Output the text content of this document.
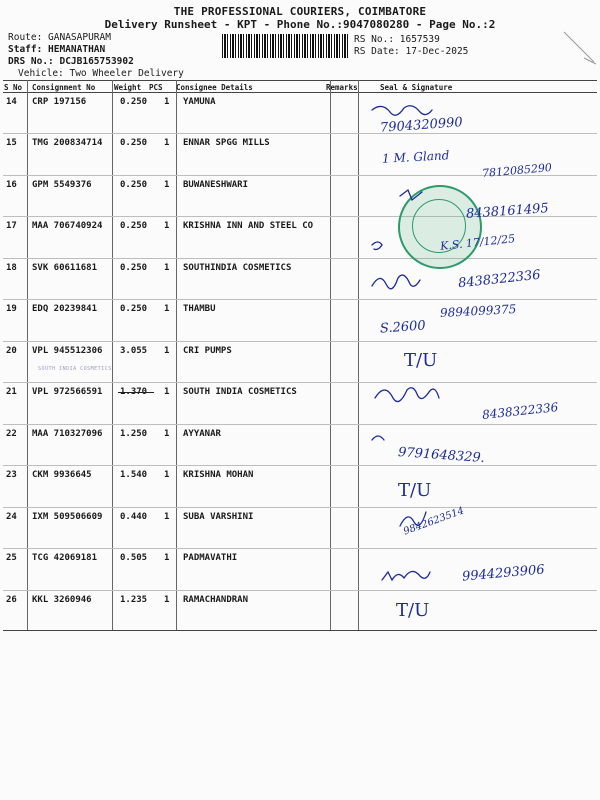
THE PROFESSIONAL COURIERS, COIMBATORE
Delivery Runsheet - KPT - Phone No.:9047080280 - Page No.:2
Route: GANASAPURAM
Staff: HEMANATHAN
DRS No.: DCJB165753902
Vehicle: Two Wheeler Delivery
RS No.: 1657539
RS Date: 17-Dec-2025
S No Consignment No	Weight PCS Consignee Details	Remarks	Seal & Signature
14 CRP 197156	0.250 1 YAMUNA
15 TMG 200834714 0.250 1 ENNAR SPGG MILLS
16 GPM 5549376	0.250 1 BUWANESHWARI
17 MAA 706740924 0.250 1 KRISHNA INN AND STEEL CO
18 SVK 60611681	0.250 1 SOUTHINDIA COSMETICS
19 EDQ 20239841	0.250 1 THAMBU
20 VPL 945512306 3.055 1 CRI PUMPS
21 VPL 972566591 1.370 1 SOUTH INDIA COSMETICS
22 MAA 710327096 1.250 1 AYYANAR
23 CKM 9936645	1.540 1 KRISHNA MOHAN
24 IXM 509506609 0.440 1 SUBA VARSHINI
25 TCG 42069181	0.505 1 PADMAVATHI
26 KKL 3260946	1.235 1 RAMACHANDRAN
SOUTH INDIA COSMETICS
7904320990
1 M. Gland
7812085290
8438161495
K.S. 17/12/25
8438322336
9894099375
S.2600
T/U
8438322336
9791648329.
T/U
9842623514
9944293906
T/U
